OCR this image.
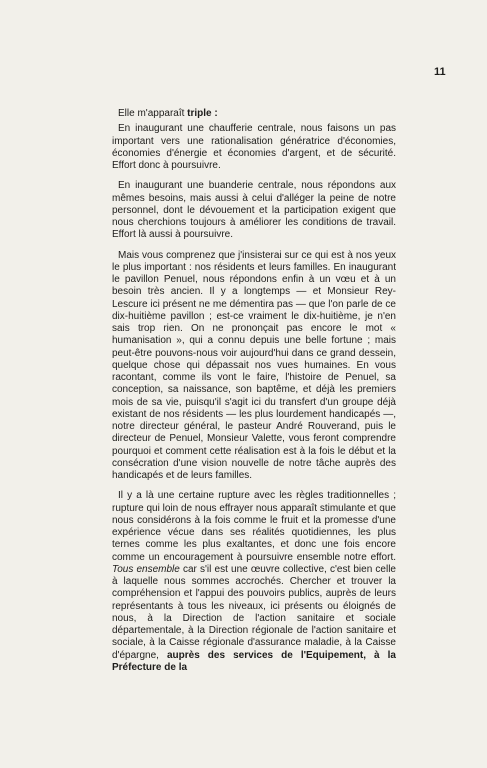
11

Elle m'apparaît triple :

En inaugurant une chaufferie centrale, nous faisons un pas important vers une rationalisation génératrice d'économies, économies d'énergie et économies d'argent, et de sécurité. Effort donc à poursuivre.

En inaugurant une buanderie centrale, nous répondons aux mêmes besoins, mais aussi à celui d'alléger la peine de notre personnel, dont le dévouement et la participation exigent que nous cherchions toujours à améliorer les conditions de travail. Effort là aussi à poursuivre.

Mais vous comprenez que j'insisterai sur ce qui est à nos yeux le plus important : nos résidents et leurs familles. En inaugurant le pavillon Penuel, nous répondons enfin à un vœu et à un besoin très ancien. Il y a longtemps — et Monsieur Rey-Lescure ici présent ne me démentira pas — que l'on parle de ce dix-huitième pavillon ; est-ce vraiment le dix-huitième, je n'en sais trop rien. On ne prononçait pas encore le mot « humanisation », qui a connu depuis une belle fortune ; mais peut-être pouvons-nous voir aujourd'hui dans ce grand dessein, quelque chose qui dépassait nos vues humaines. En vous racontant, comme ils vont le faire, l'histoire de Penuel, sa conception, sa naissance, son baptême, et déjà les premiers mois de sa vie, puisqu'il s'agit ici du transfert d'un groupe déjà existant de nos résidents — les plus lourdement handicapés —, notre directeur général, le pasteur André Rouverand, puis le directeur de Penuel, Monsieur Valette, vous feront comprendre pourquoi et comment cette réalisation est à la fois le début et la consécration d'une vision nouvelle de notre tâche auprès des handicapés et de leurs familles.

Il y a là une certaine rupture avec les règles traditionnelles ; rupture qui loin de nous effrayer nous apparaît stimulante et que nous considérons à la fois comme le fruit et la promesse d'une expérience vécue dans ses réalités quotidiennes, les plus ternes comme les plus exaltantes, et donc une fois encore comme un encouragement à poursuivre ensemble notre effort. Tous ensemble car s'il est une œuvre collective, c'est bien celle à laquelle nous sommes accrochés. Chercher et trouver la compréhension et l'appui des pouvoirs publics, auprès de leurs représentants à tous les niveaux, ici présents ou éloignés de nous, à la Direction de l'action sanitaire et sociale départementale, à la Direction régionale de l'action sanitaire et sociale, à la Caisse régionale d'assurance maladie, à la Caisse d'épargne, auprès des services de l'Equipement, à la Préfecture de la
